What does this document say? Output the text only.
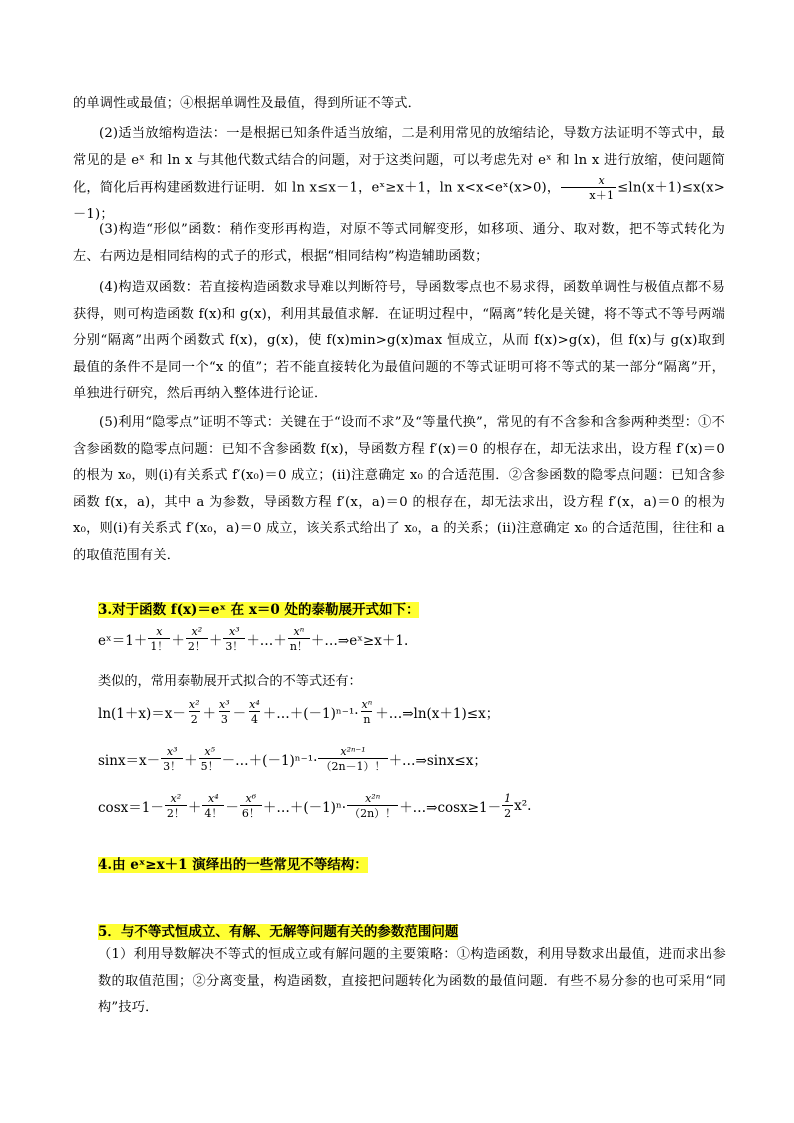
的单调性或最值；④根据单调性及最值，得到所证不等式．
(2)适当放缩构造法：一是根据已知条件适当放缩，二是利用常见的放缩结论，导数方法证明不等式中，最常见的是 eˣ 和 ln x 与其他代数式结合的问题，对于这类问题，可以考虑先对 eˣ 和 ln x 进行放缩，使问题简化，简化后再构建函数进行证明．如 ln x≤x－1，eˣ≥x＋1，ln x<x<eˣ(x>0)， $\frac{x}{x+1} \le\ln(x+1)\le x(x>-1)$；
(3)构造“形似”函数：稍作变形再构造，对原不等式同解变形，如移项、通分、取对数，把不等式转化为左、右两边是相同结构的式子的形式，根据“相同结构”构造辅助函数；
(4)构造双函数：若直接构造函数求导难以判断符号，导函数零点也不易求得，函数单调性与极值点都不易获得，则可构造函数 f(x)和 g(x)，利用其最值求解．在证明过程中，“隔离”转化是关键，将不等式不等号两端分别“隔离”出两个函数式 f(x)，g(x)，使 f(x)min>g(x)max 恒成立，从而 f(x)>g(x)，但 f(x)与 g(x)取到最值的条件不是同一个“x 的值”；若不能直接转化为最值问题的不等式证明可将不等式的某一部分“隔离”开，单独进行研究，然后再纳入整体进行论证．
(5)利用“隐零点”证明不等式：关键在于“设而不求”及“等量代换”，常见的有不含参和含参两种类型：①不含参函数的隐零点问题：已知不含参函数 f(x)，导函数方程 f′(x)＝0 的根存在，却无法求出，设方程 f′(x)＝0 的根为 x₀，则(i)有关系式 f′(x₀)＝0 成立；(ii)注意确定 x₀ 的合适范围．②含参函数的隐零点问题：已知含参函数 f(x，a)，其中 a 为参数，导函数方程 f′(x，a)＝0 的根存在，却无法求出，设方程 f′(x，a)＝0 的根为 x₀，则(i)有关系式 f′(x₀，a)＝0 成立，该关系式给出了 x₀，a 的关系；(ii)注意确定 x₀ 的合适范围，往往和 a 的取值范围有关．
3.对于函数 f(x)＝eˣ 在 x＝0 处的泰勒展开式如下：
eˣ＝1＋ $\frac{x}{1!} + \frac{\text{x²}}{2!} + \frac{\text{x³}}{3!}$ ＋…＋ $\frac{\text{xⁿ}}{n!}$ ＋…⇒eˣ≥x＋1.
类似的，常用泰勒展开式拟合的不等式还有：
$\ln(1+x)=x- \frac{\text{x²}}{2} + \frac{\text{x³}}{3} - \frac{\text{x⁴}}{4}$ ＋…＋(－1)ⁿ⁻¹· $\frac{\text{xⁿ}}{n}$ ＋…⇒ln(x＋1)≤x；
$\sin x=x- \frac{\text{x³}}{3!} + \frac{\text{x⁵}}{5!}$ －…＋(－1)ⁿ⁻¹· $\frac{\text{x²ⁿ⁻¹}}{(2n-1)!}$ ＋…⇒sinx≤x；
$\cos x=1- \frac{\text{x²}}{2!} + \frac{\text{x⁴}}{4!} - \frac{\text{x⁶}}{6!}$ ＋…＋(－1)ⁿ· $\frac{\text{x²ⁿ}}{(2n)!}$ ＋…⇒cosx≥1－ $\frac{1}{2} x^2$.
4.由 eˣ≥x＋1 演绎出的一些常见不等结构：
5．与不等式恒成立、有解、无解等问题有关的参数范围问题
（1）利用导数解决不等式的恒成立或有解问题的主要策略：①构造函数，利用导数求出最值，进而求出参数的取值范围；②分离变量，构造函数，直接把问题转化为函数的最值问题．有些不易分参的也可采用“同构”技巧．
